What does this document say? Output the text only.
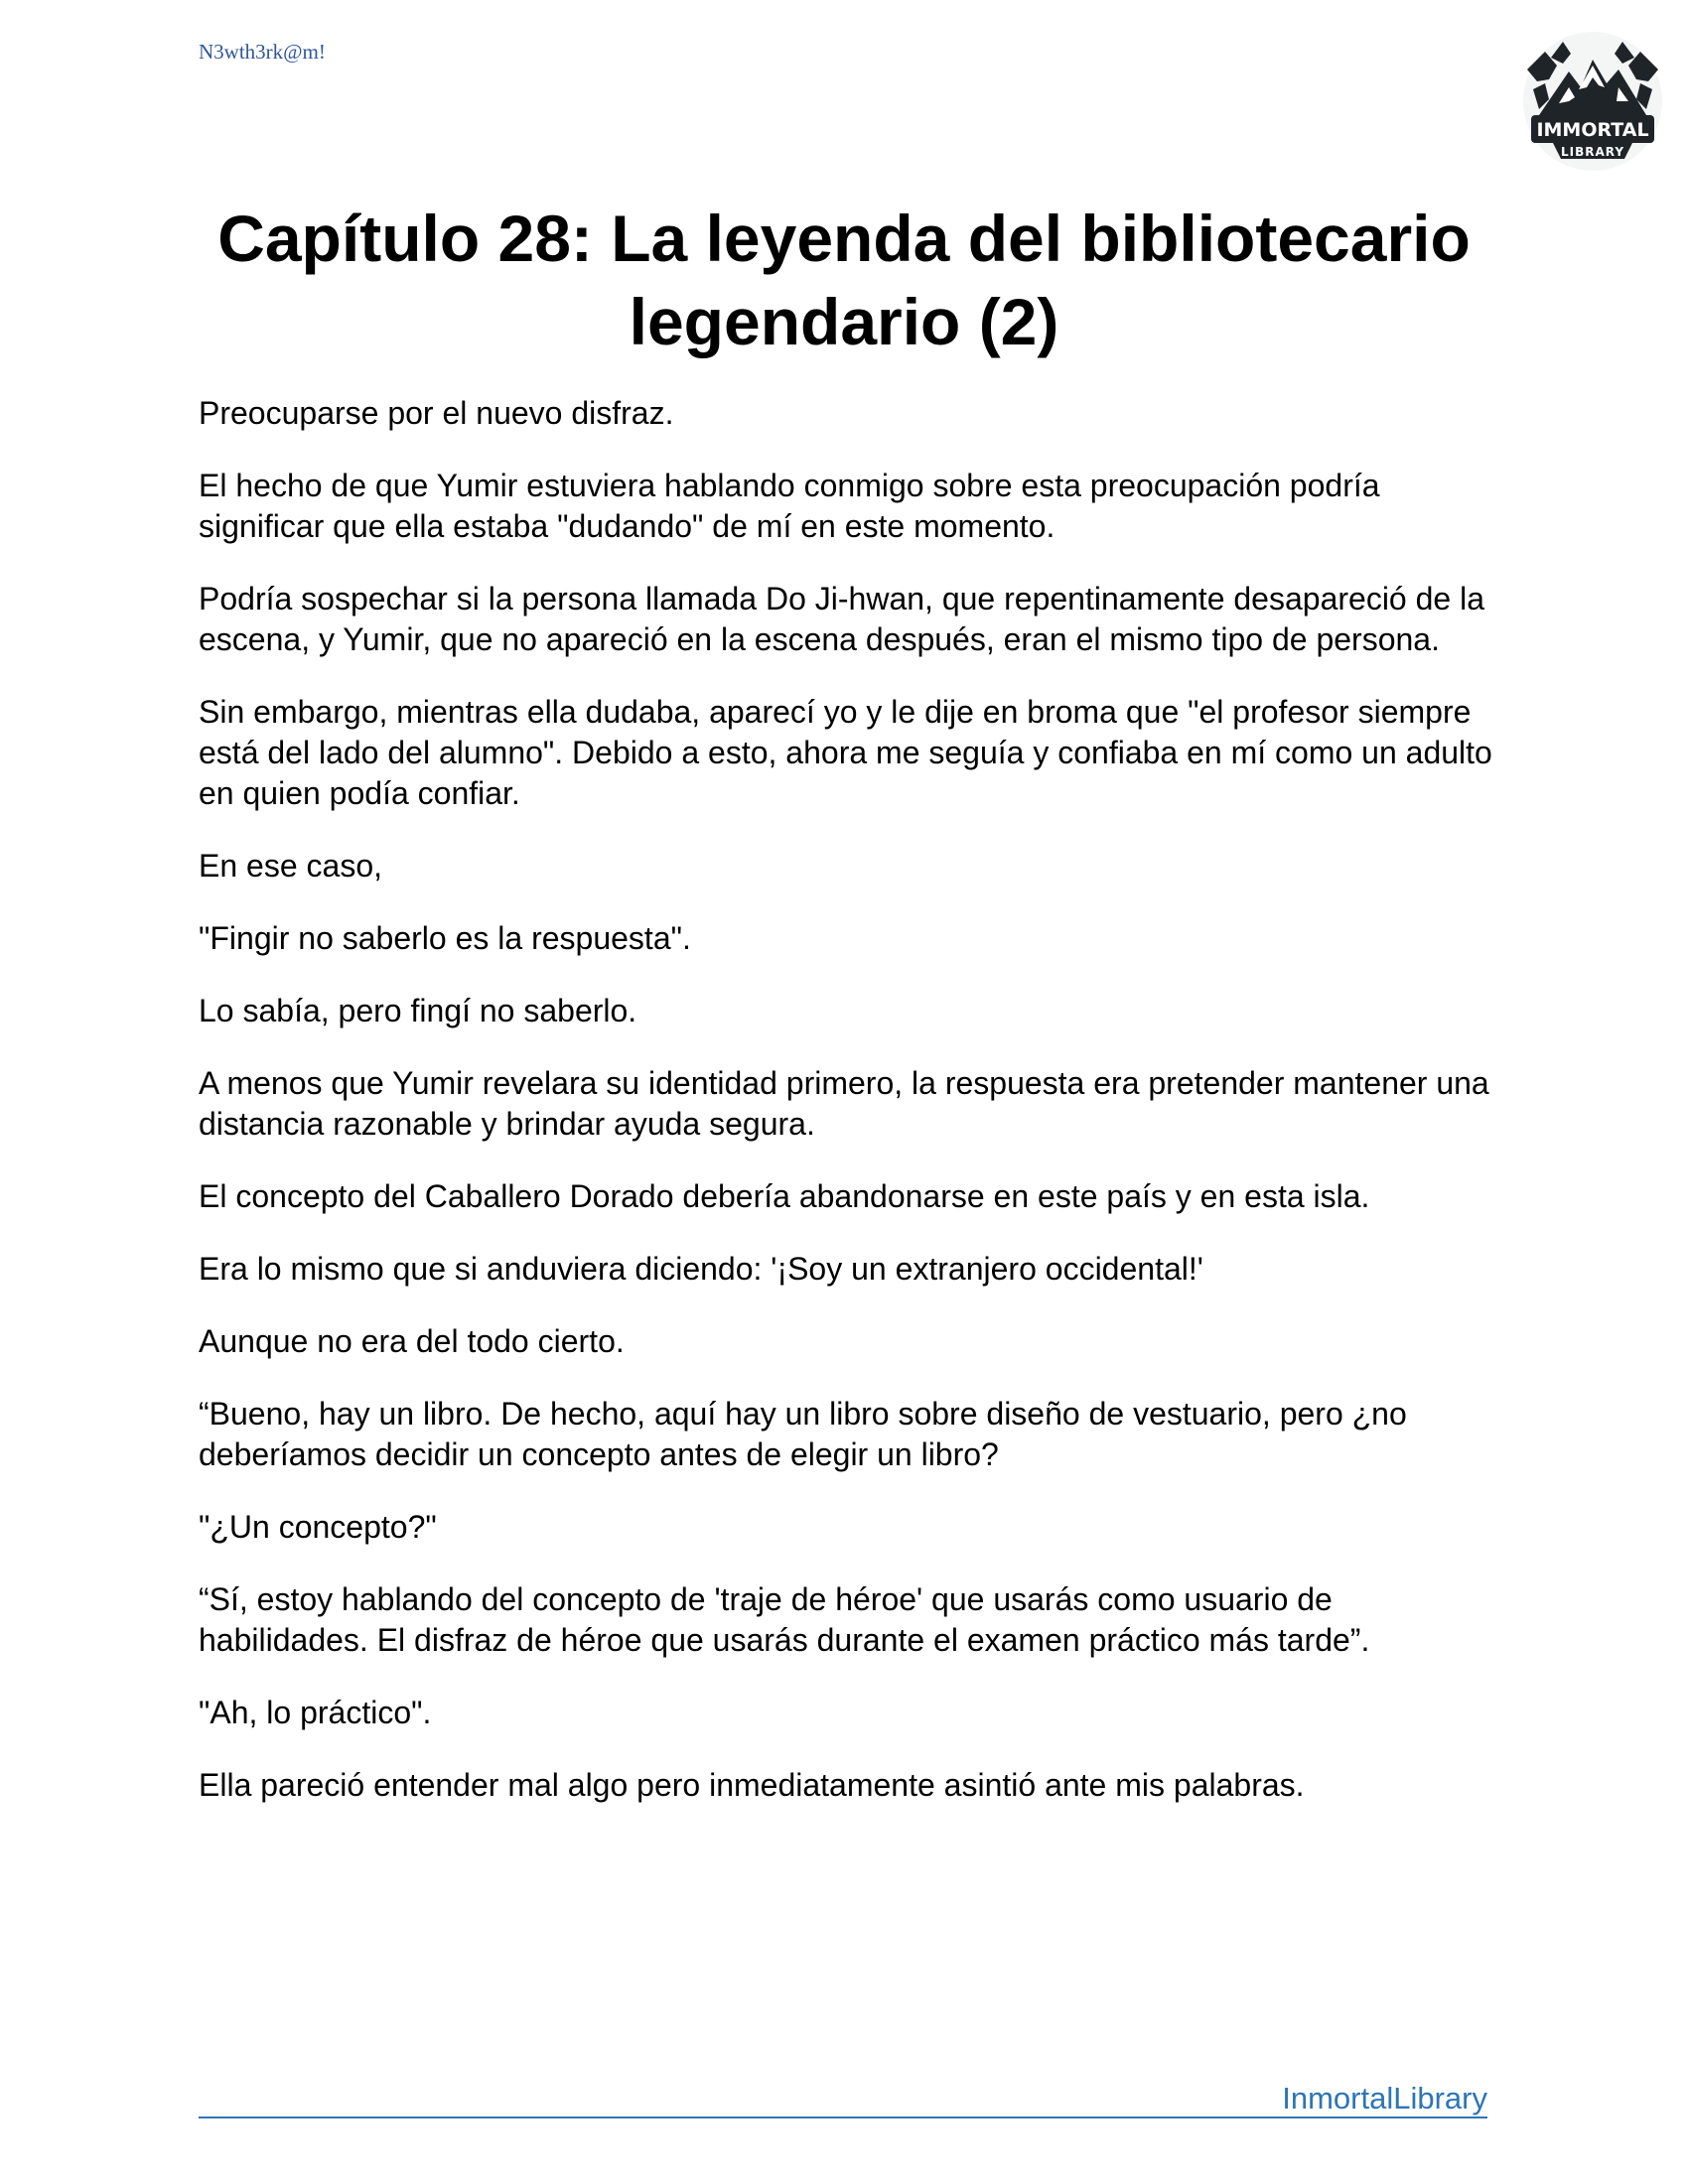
N3wth3rk@m!
IMMORTAL
LIBRARY
Capítulo 28: La leyenda del bibliotecario legendario (2)

Preocuparse por el nuevo disfraz.

El hecho de que Yumir estuviera hablando conmigo sobre esta preocupación podría significar que ella estaba "dudando" de mí en este momento.

Podría sospechar si la persona llamada Do Ji-hwan, que repentinamente desapareció de la escena, y Yumir, que no apareció en la escena después, eran el mismo tipo de persona.

Sin embargo, mientras ella dudaba, aparecí yo y le dije en broma que "el profesor siempre está del lado del alumno". Debido a esto, ahora me seguía y confiaba en mí como un adulto en quien podía confiar.

En ese caso,

"Fingir no saberlo es la respuesta".

Lo sabía, pero fingí no saberlo.

A menos que Yumir revelara su identidad primero, la respuesta era pretender mantener una distancia razonable y brindar ayuda segura.

El concepto del Caballero Dorado debería abandonarse en este país y en esta isla.

Era lo mismo que si anduviera diciendo: '¡Soy un extranjero occidental!'

Aunque no era del todo cierto.

“Bueno, hay un libro. De hecho, aquí hay un libro sobre diseño de vestuario, pero ¿no deberíamos decidir un concepto antes de elegir un libro?

"¿Un concepto?"

“Sí, estoy hablando del concepto de 'traje de héroe' que usarás como usuario de habilidades. El disfraz de héroe que usarás durante el examen práctico más tarde”.

"Ah, lo práctico".

Ella pareció entender mal algo pero inmediatamente asintió ante mis palabras.

InmortalLibrary
